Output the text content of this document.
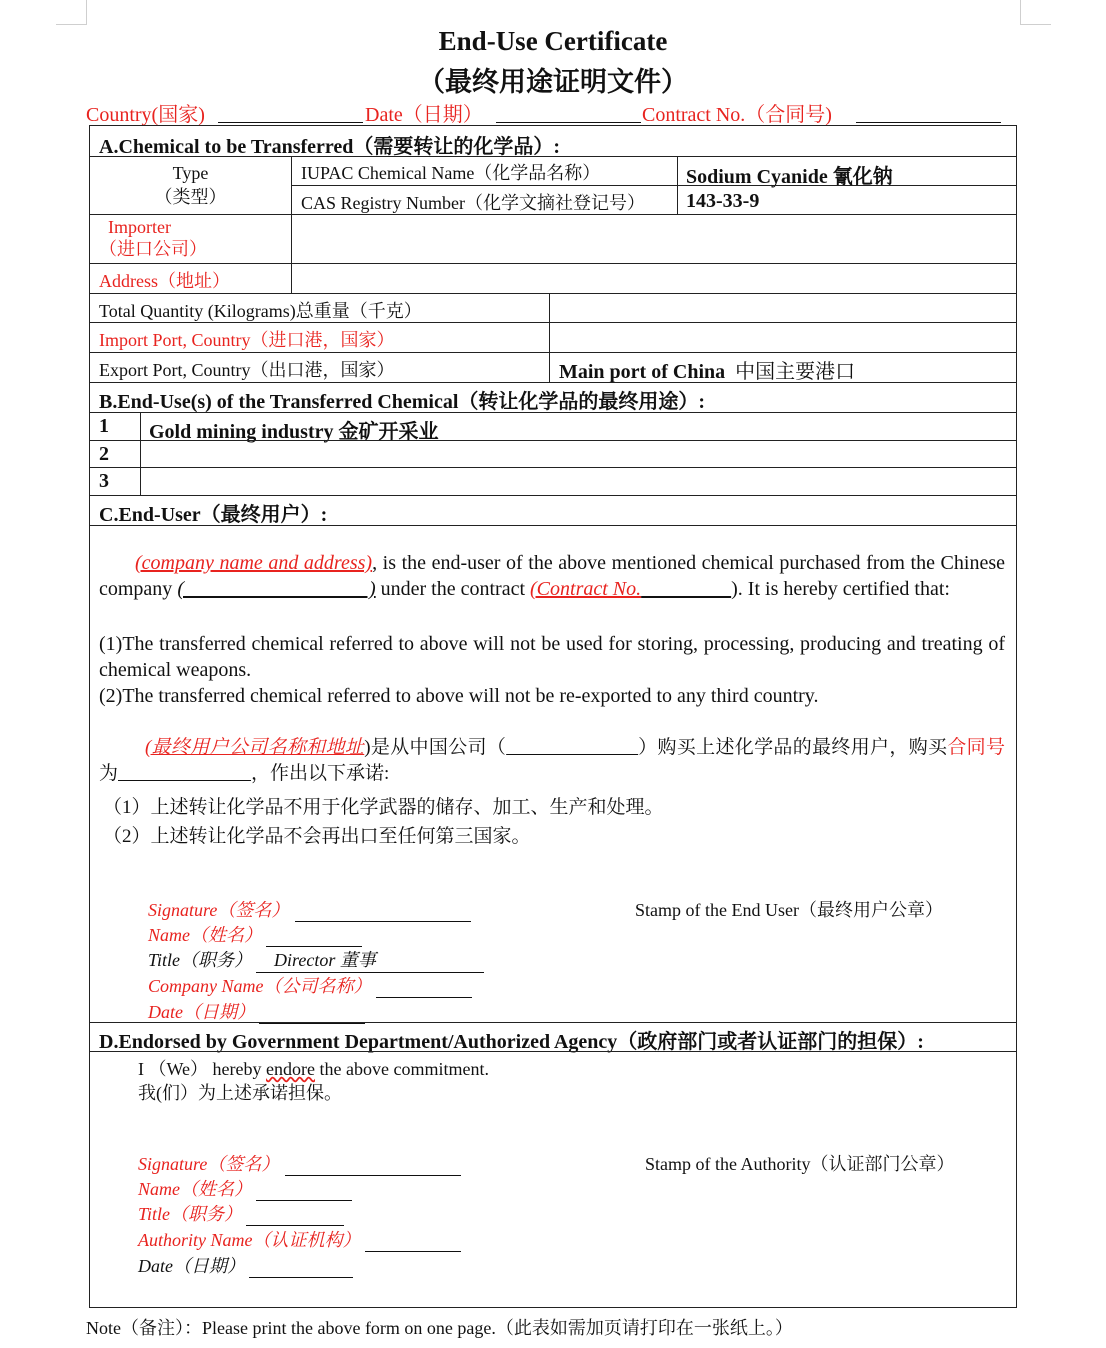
End-Use Certificate
（最终用途证明文件）
Country(国家)	Date（日期）	Contract No.（合同号)
A.Chemical to be Transferred（需要转让的化学品）:
Type
（类型）
IUPAC Chemical Name（化学品名称）	Sodium Cyanide 氰化钠
CAS Registry Number（化学文摘社登记号） 143-33-9
Importer
（进口公司）
Address（地址）
Total Quantity (Kilograms)总重量（千克）
Import Port, Country（进口港，国家）
Export Port, Country（出口港，国家）	Main port of China 中国主要港口
B.End-Use(s) of the Transferred Chemical（转让化学品的最终用途）:
1 Gold mining industry 金矿开采业
2
3
C.End-User（最终用户）:
(company name and address), is the end-user of the above mentioned chemical purchased from the Chinese company (                                     ) under the contract (Contract No.	). It is hereby certified that:
(1)The transferred chemical referred to above will not be used for storing, processing, producing and treating of chemical weapons.
(2)The transferred chemical referred to above will not be re-exported to any third country.
(最终用户公司名称和地址)是从中国公司（	）购买上述化学品的最终用户，购买合同号为	，作出以下承诺:
（1）上述转让化学品不用于化学武器的储存、加工、生产和处理。
（2）上述转让化学品不会再出口至任何第三国家。
Signature（签名）
Name（姓名）
Title（职务） Director 董事
Company Name（公司名称）
Date（日期）
Stamp of the End User（最终用户公章）
D.Endorsed by Government Department/Authorized Agency（政府部门或者认证部门的担保）:
I （We） hereby endore the above commitment.
我(们）为上述承诺担保。
Signature（签名）
Name（姓名）
Title（职务）
Authority Name（认证机构）
Date（日期）
Stamp of the Authority（认证部门公章）
Note（备注）：Please print the above form on one page.（此表如需加页请打印在一张纸上。）
